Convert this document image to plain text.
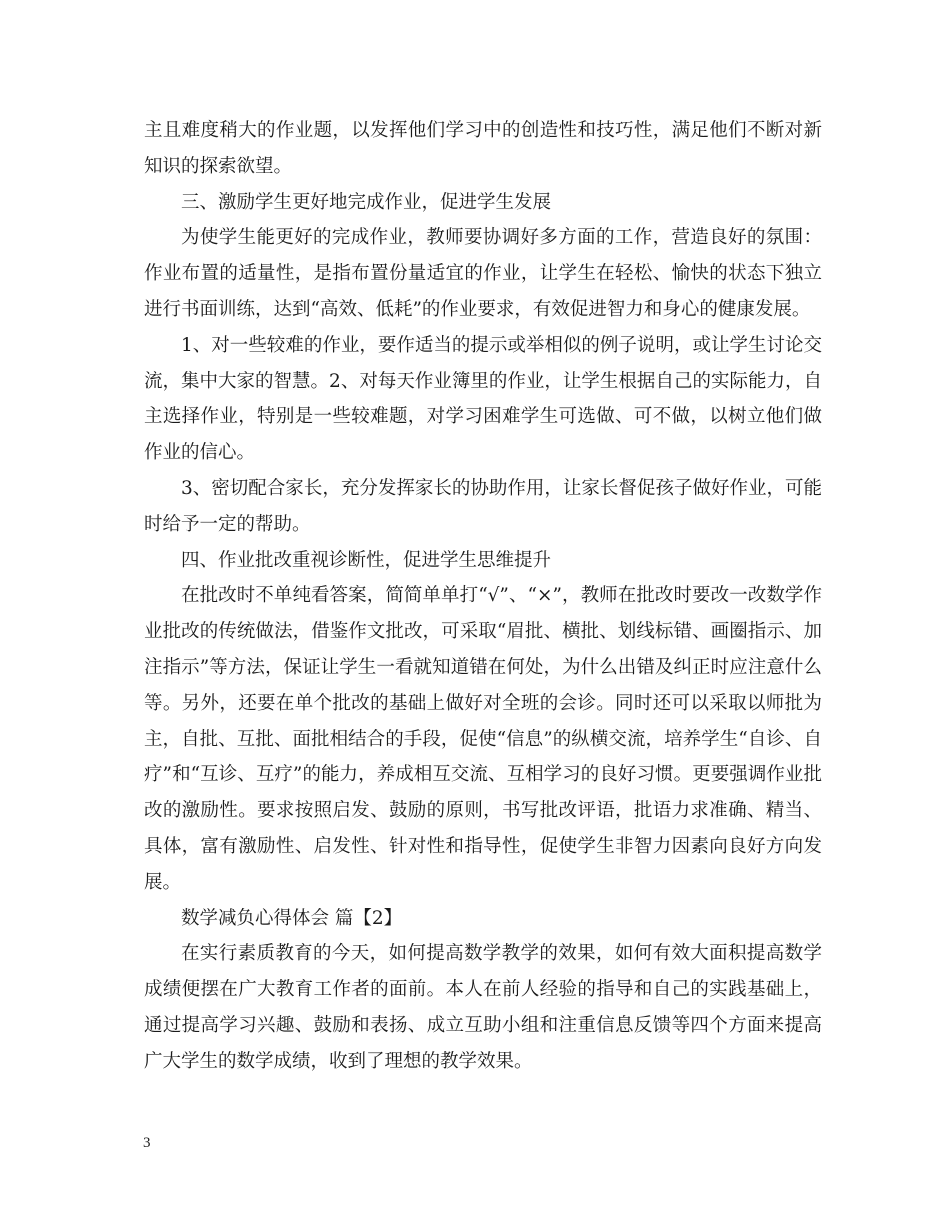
主且难度稍大的作业题，以发挥他们学习中的创造性和技巧性，满足他们不断对新知识的探索欲望。

三、激励学生更好地完成作业，促进学生发展

为使学生能更好的完成作业，教师要协调好多方面的工作，营造良好的氛围：作业布置的适量性，是指布置份量适宜的作业，让学生在轻松、愉快的状态下独立进行书面训练，达到“高效、低耗”的作业要求，有效促进智力和身心的健康发展。

1、对一些较难的作业，要作适当的提示或举相似的例子说明，或让学生讨论交流，集中大家的智慧。2、对每天作业簿里的作业，让学生根据自己的实际能力，自主选择作业，特别是一些较难题，对学习困难学生可选做、可不做，以树立他们做作业的信心。

3、密切配合家长，充分发挥家长的协助作用，让家长督促孩子做好作业，可能时给予一定的帮助。

四、作业批改重视诊断性，促进学生思维提升

在批改时不单纯看答案，简简单单打“√”、“×”，教师在批改时要改一改数学作业批改的传统做法，借鉴作文批改，可采取“眉批、横批、划线标错、画圈指示、加注指示”等方法，保证让学生一看就知道错在何处，为什么出错及纠正时应注意什么等。另外，还要在单个批改的基础上做好对全班的会诊。同时还可以采取以师批为主，自批、互批、面批相结合的手段，促使“信息”的纵横交流，培养学生“自诊、自疗”和“互诊、互疗”的能力，养成相互交流、互相学习的良好习惯。更要强调作业批改的激励性。要求按照启发、鼓励的原则，书写批改评语，批语力求准确、精当、具体，富有激励性、启发性、针对性和指导性，促使学生非智力因素向良好方向发展。

数学减负心得体会 篇【2】

在实行素质教育的今天，如何提高数学教学的效果，如何有效大面积提高数学成绩便摆在广大教育工作者的面前。本人在前人经验的指导和自己的实践基础上，通过提高学习兴趣、鼓励和表扬、成立互助小组和注重信息反馈等四个方面来提高广大学生的数学成绩，收到了理想的教学效果。

3
